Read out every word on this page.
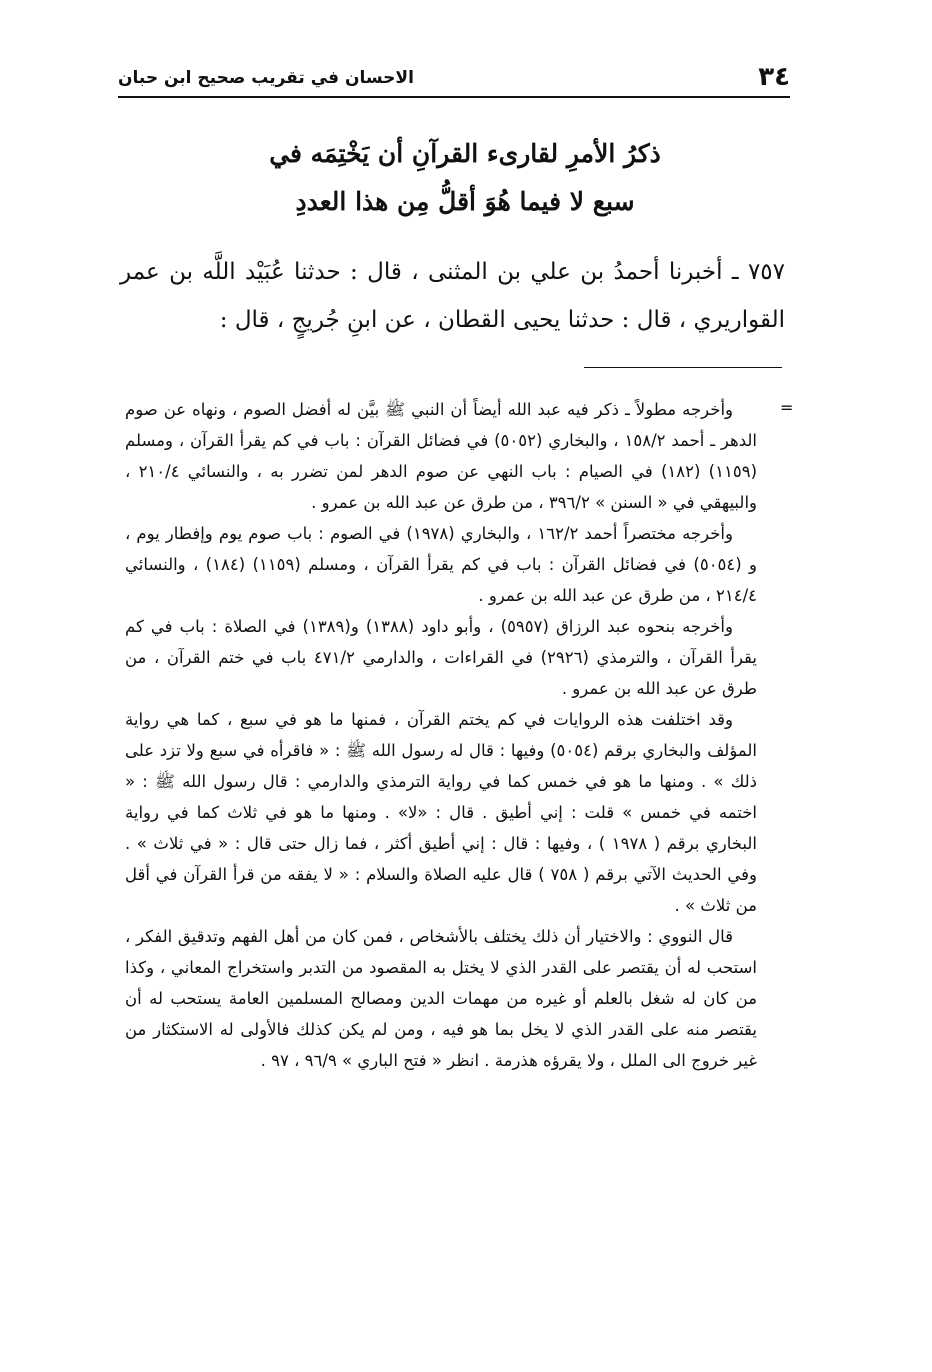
٣٤
الاحسان في تقريب صحيح ابن حبان
ذكرُ الأمرِ لقارىء القرآنِ أن يَخْتِمَه في
سبع لا فيما هُوَ أقلُّ مِن هذا العددِ
٧٥٧ ـ أخبرنا أحمدُ بن علي بن المثنى ، قال : حدثنا عُبَيْد اللَّه بن عمر القواريري ، قال : حدثنا يحيى القطان ، عن ابنِ جُريجٍ ، قال :
=

وأخرجه مطولاً ـ ذكر فيه عبد الله أيضاً أن النبي ﷺ بيَّن له أفضل الصوم ، ونهاه عن صوم الدهر ـ أحمد ١٥٨/٢ ، والبخاري (٥٠٥٢) في فضائل القرآن : باب في كم يقرأ القرآن ، ومسلم (١١٥٩) (١٨٢) في الصيام : باب النهي عن صوم الدهر لمن تضرر به ، والنسائي ٢١٠/٤ ، والبيهقي في « السنن » ٣٩٦/٢ ، من طرق عن عبد الله بن عمرو .

وأخرجه مختصراً أحمد ١٦٢/٢ ، والبخاري (١٩٧٨) في الصوم : باب صوم يوم وإفطار يوم ، و (٥٠٥٤) في فضائل القرآن : باب في كم يقرأ القرآن ، ومسلم (١١٥٩) (١٨٤) ، والنسائي ٢١٤/٤ ، من طرق عن عبد الله بن عمرو .

وأخرجه بنحوه عبد الرزاق (٥٩٥٧) ، وأبو داود (١٣٨٨) و(١٣٨٩) في الصلاة : باب في كم يقرأ القرآن ، والترمذي (٢٩٢٦) في القراءات ، والدارمي ٤٧١/٢ باب في ختم القرآن ، من طرق عن عبد الله بن عمرو .

وقد اختلفت هذه الروايات في كم يختم القرآن ، فمنها ما هو في سبع ، كما هي رواية المؤلف والبخاري برقم (٥٠٥٤) وفيها : قال له رسول الله ﷺ : « فاقرأه في سبع ولا تزد على ذلك » . ومنها ما هو في خمس كما في رواية الترمذي والدارمي : قال رسول الله ﷺ : « اختمه في خمس » قلت : إني أطيق . قال : «لا» . ومنها ما هو في ثلاث كما في رواية البخاري برقم ( ١٩٧٨ ) ، وفيها : قال : إني أطيق أكثر ، فما زال حتى قال : « في ثلاث » . وفي الحديث الآتي برقم ( ٧٥٨ ) قال عليه الصلاة والسلام : « لا يفقه من قرأ القرآن في أقل من ثلاث » .

قال النووي : والاختيار أن ذلك يختلف بالأشخاص ، فمن كان من أهل الفهم وتدقيق الفكر ، استحب له أن يقتصر على القدر الذي لا يختل به المقصود من التدبر واستخراج المعاني ، وكذا من كان له شغل بالعلم أو غيره من مهمات الدين ومصالح المسلمين العامة يستحب له أن يقتصر منه على القدر الذي لا يخل بما هو فيه ، ومن لم يكن كذلك فالأولى له الاستكثار من غير خروج الى الملل ، ولا يقرؤه هذرمة . انظر « فتح الباري » ٩٦/٩ ، ٩٧ .
